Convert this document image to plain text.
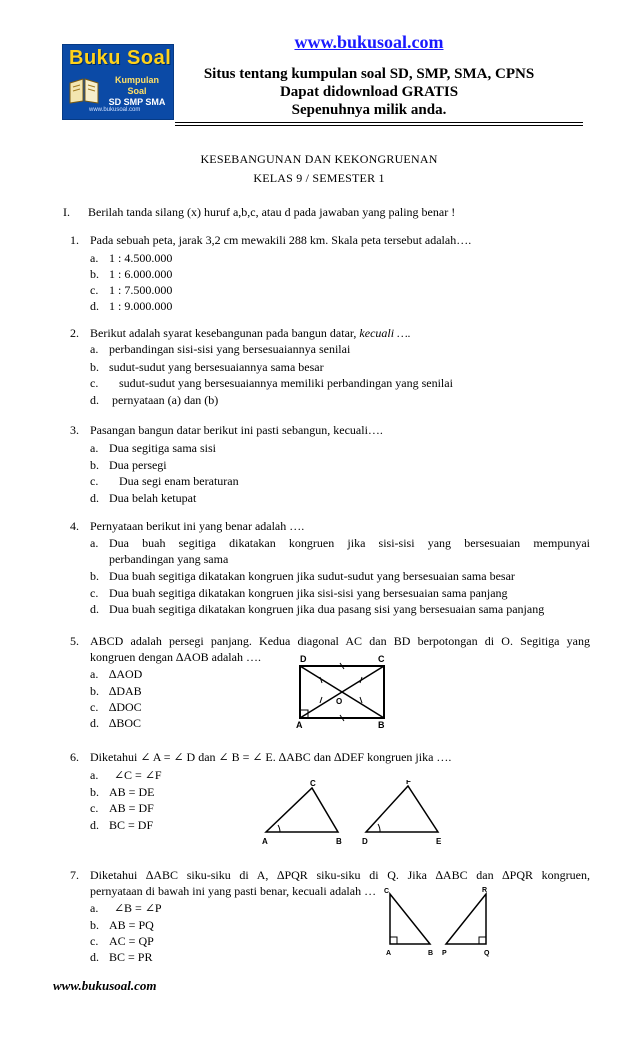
Buku Soal
Kumpulan Soal
SD SMP SMA
www.bukusoal.com
www.bukusoal.com
Situs tentang kumpulan soal SD, SMP, SMA, CPNS
Dapat didownload GRATIS
Sepenuhnya milik anda.
KESEBANGUNAN DAN KEKONGRUENAN
KELAS 9 / SEMESTER 1
I. Berilah tanda silang (x) huruf a,b,c, atau d pada jawaban yang paling benar !
1. Pada sebuah peta, jarak 3,2 cm mewakili 288 km. Skala peta tersebut adalah….
a. 1 : 4.500.000
b. 1 : 6.000.000
c. 1 : 7.500.000
d. 1 : 9.000.000
2. Berikut adalah syarat kesebangunan pada bangun datar, kecuali ….
a. perbandingan sisi-sisi yang bersesuaiannya senilai
b. sudut-sudut yang bersesuaiannya sama besar
c. sudut-sudut yang bersesuaiannya memiliki perbandingan yang senilai
d. pernyataan (a) dan (b)
3. Pasangan bangun datar berikut ini pasti sebangun, kecuali….
a. Dua segitiga sama sisi
b. Dua persegi
c. Dua segi enam beraturan
d. Dua belah ketupat
4. Pernyataan berikut ini yang benar adalah ….
a. Dua buah segitiga dikatakan kongruen jika sisi-sisi yang bersesuaian mempunyai
perbandingan yang sama
b. Dua buah segitiga dikatakan kongruen jika sudut-sudut yang bersesuaian sama besar
c. Dua buah segitiga dikatakan kongruen jika sisi-sisi yang bersesuaian sama panjang
d. Dua buah segitiga dikatakan kongruen jika dua pasang sisi yang bersesuaian sama panjang
5. ABCD adalah persegi panjang. Kedua diagonal AC dan BD berpotongan di O. Segitiga yang
kongruen dengan ∆AOB adalah ….
a. ∆AOD
b. ∆DAB
c. ∆DOC
d. ∆BOC
D	C
A	B
O
6. Diketahui ∠ A = ∠ D dan ∠ B = ∠ E. ∆ABC dan ∆DEF kongruen jika ….
a. ∠C = ∠F
b. AB = DE
c. AB = DF
d. BC = DF
A	B
C
D	E
F
7. Diketahui ∆ABC siku-siku di A, ∆PQR siku-siku di Q. Jika ∆ABC dan ∆PQR kongruen,
pernyataan di bawah ini yang pasti benar, kecuali adalah …
a. ∠B = ∠P
b. AB = PQ
c. AC = QP
d. BC = PR	A	B
C
P	Q
R
www.bukusoal.com
